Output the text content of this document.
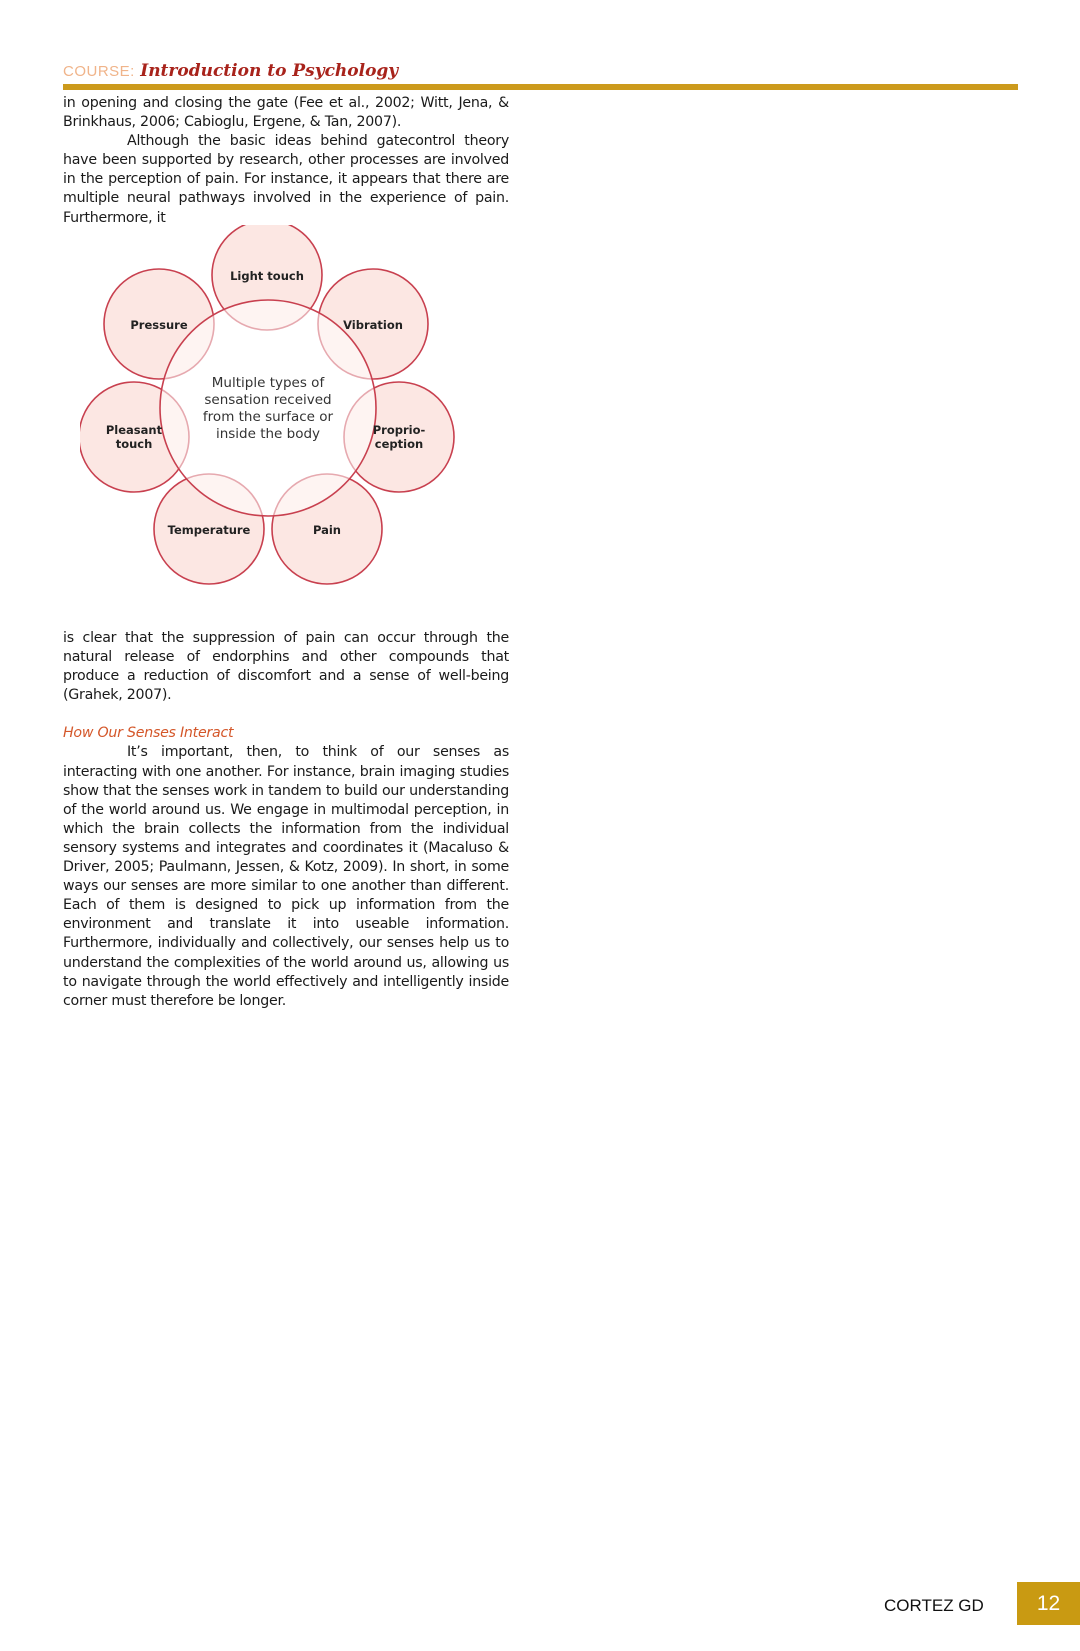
COURSE: Introduction to Psychology

in opening and closing the gate (Fee et al., 2002; Witt, Jena, & Brinkhaus, 2006; Cabioglu, Ergene, & Tan, 2007).

Although the basic ideas behind gatecontrol theory have been supported by research, other processes are involved in the perception of pain. For instance, it appears that there are multiple neural pathways involved in the experience of pain. Furthermore, it

Light touch
Vibration
Proprio-
ception
Pain
Temperature
Pleasant
touch
Pressure
Multiple types of
sensation received
from the surface or
inside the body

is clear that the suppression of pain can occur through the natural release of endorphins and other compounds that produce a reduction of discomfort and a sense of well-being (Grahek, 2007).

How Our Senses Interact

It’s important, then, to think of our senses as interacting with one another. For instance, brain imaging studies show that the senses work in tandem to build our understanding of the world around us. We engage in multimodal perception, in which the brain collects the information from the individual sensory systems and integrates and coordinates it (Macaluso & Driver, 2005; Paulmann, Jessen, & Kotz, 2009). In short, in some ways our senses are more similar to one another than different. Each of them is designed to pick up information from the environment and translate it into useable information. Furthermore, individually and collectively, our senses help us to understand the complexities of the world around us, allowing us to navigate through the world effectively and intelligently inside corner must therefore be longer.

CORTEZ GD	12
